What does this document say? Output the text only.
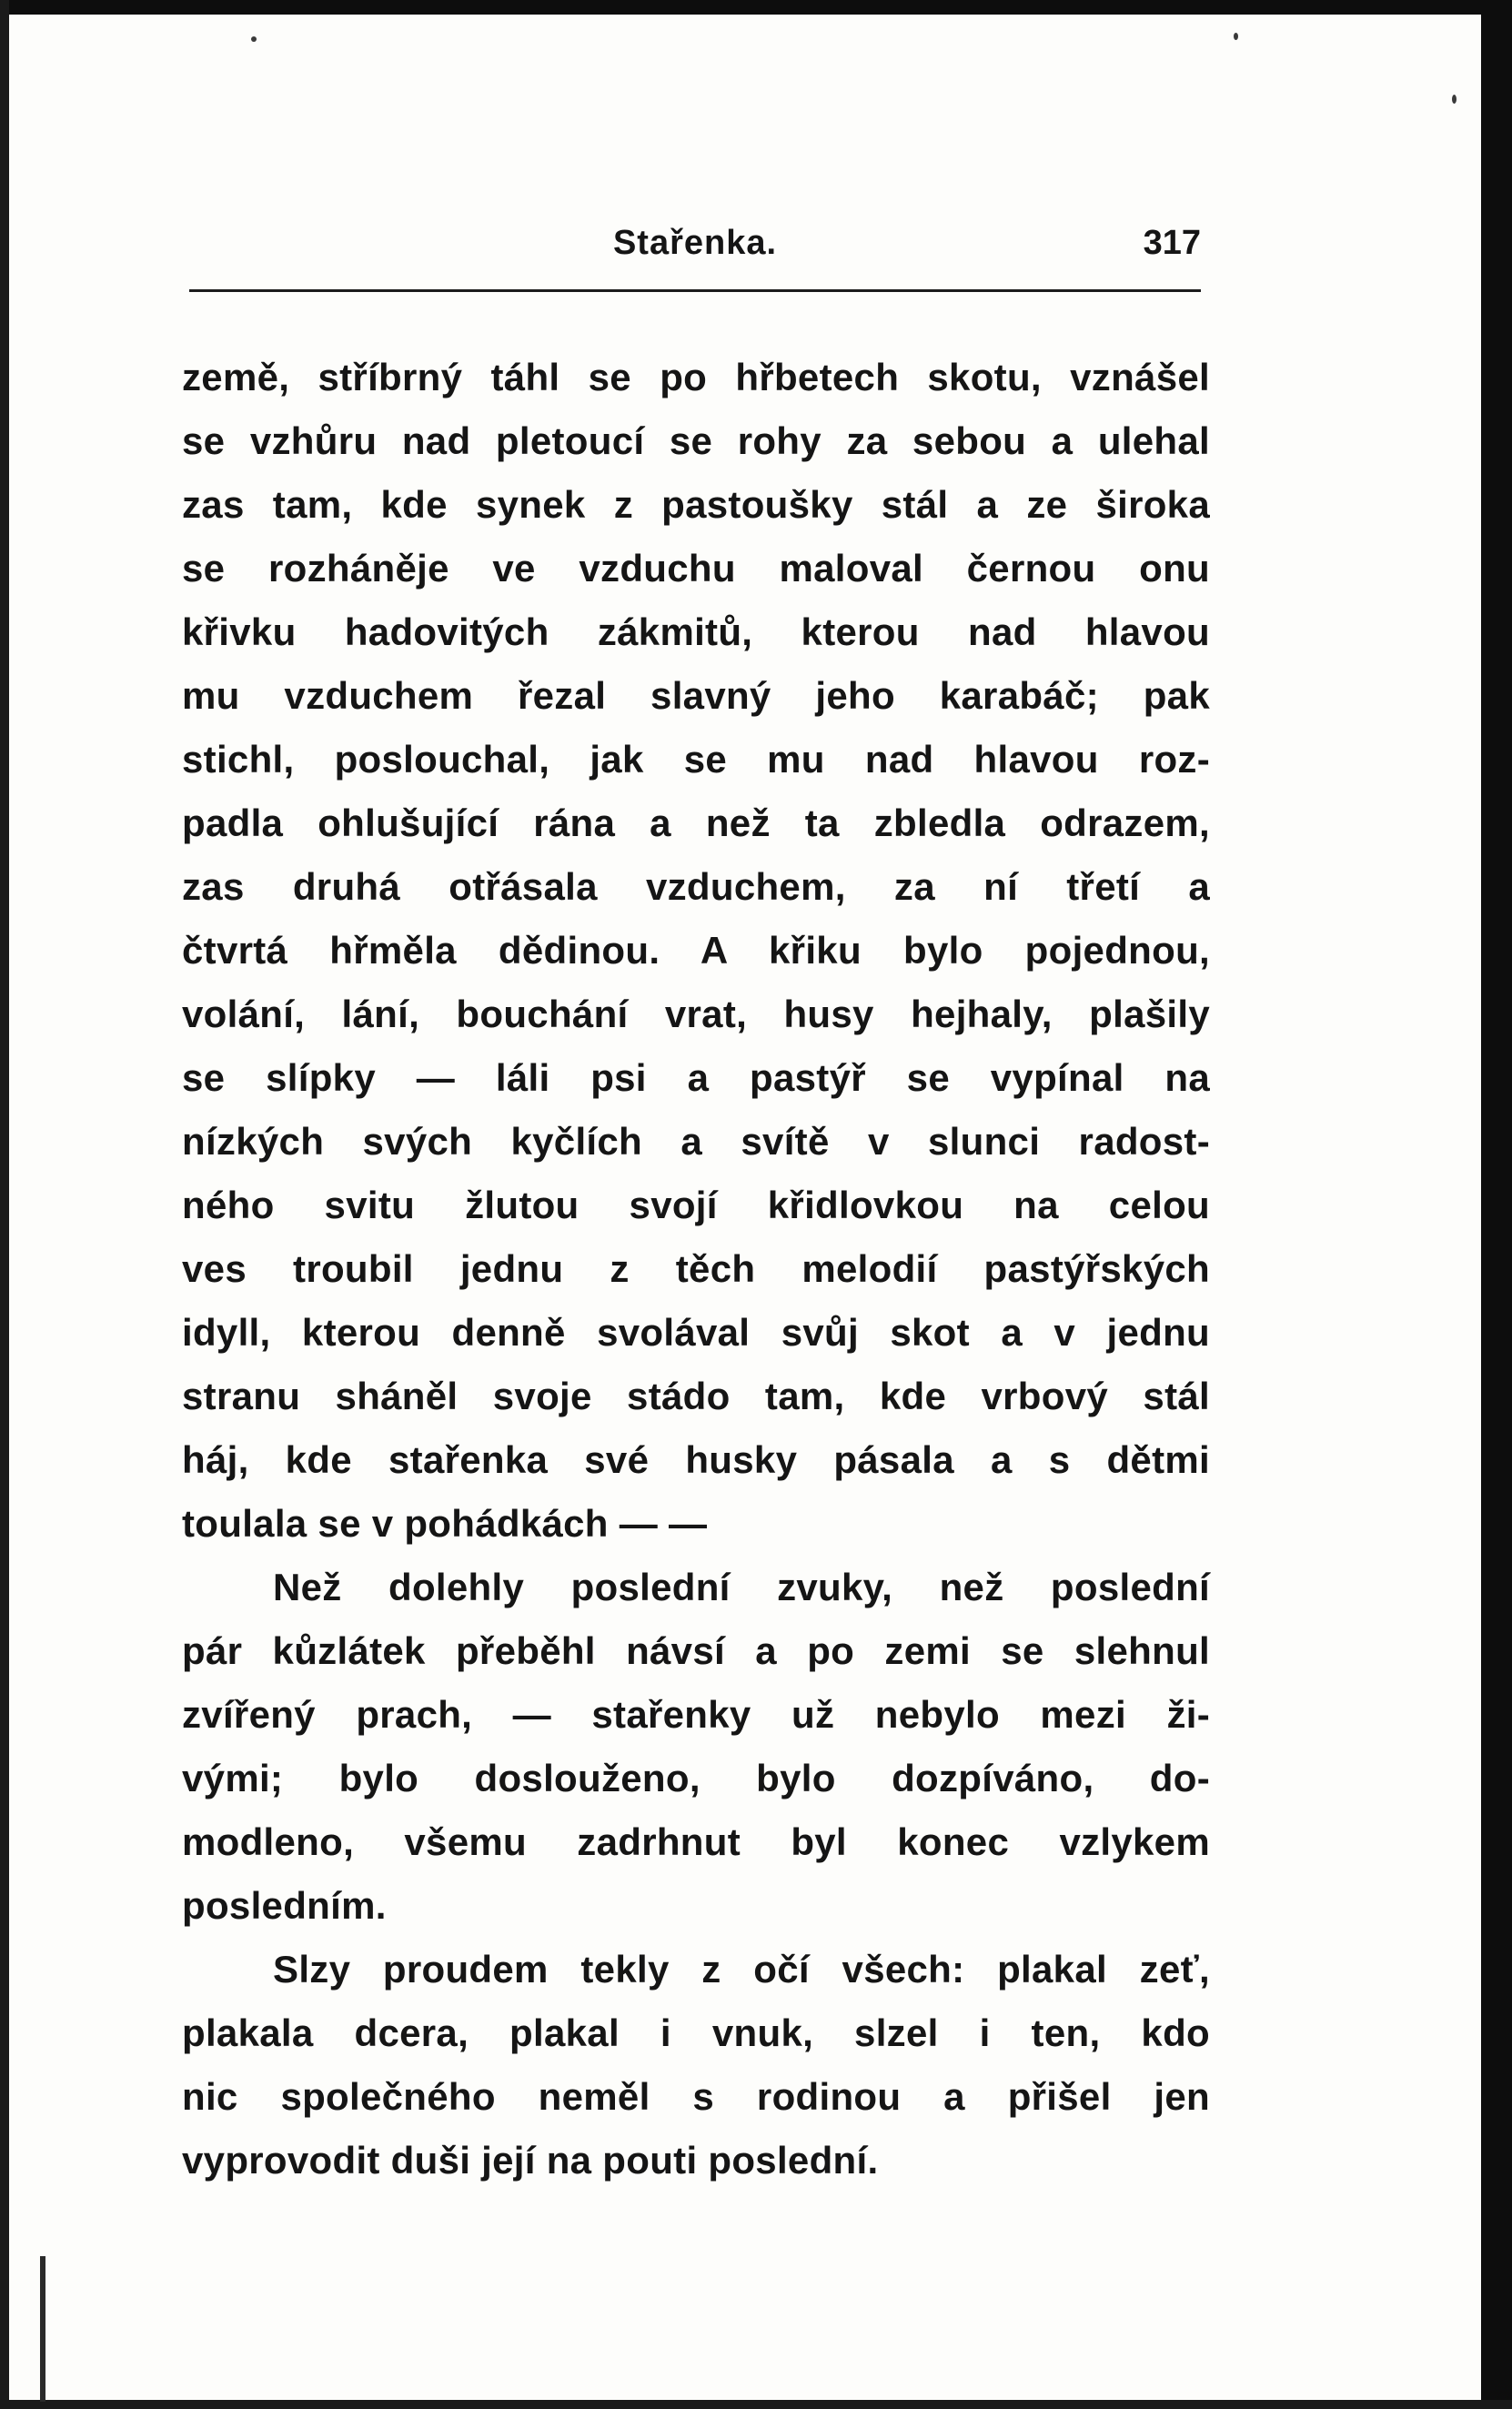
Stařenka.	317
země, stříbrný táhl se po hřbetech skotu, vznášel
se vzhůru nad pletoucí se rohy za sebou a ulehal
zas tam, kde synek z pastoušky stál a ze široka
se rozháněje ve vzduchu maloval černou onu
křivku hadovitých zákmitů, kterou nad hlavou
mu vzduchem řezal slavný jeho karabáč; pak
stichl, poslouchal, jak se mu nad hlavou roz-
padla ohlušující rána a než ta zbledla odrazem,
zas druhá otřásala vzduchem, za ní třetí a
čtvrtá hřměla dědinou. A křiku bylo pojednou,
volání, lání, bouchání vrat, husy hejhaly, plašily
se slípky — láli psi a pastýř se vypínal na
nízkých svých kyčlích a svítě v slunci radost-
ného svitu žlutou svojí křidlovkou na celou
ves troubil jednu z těch melodií pastýřských
idyll, kterou denně svolával svůj skot a v jednu
stranu sháněl svoje stádo tam, kde vrbový stál
háj, kde stařenka své husky pásala a s dětmi
toulala se v pohádkách — —
Než dolehly poslední zvuky, než poslední
pár kůzlátek přeběhl návsí a po zemi se slehnul
zvířený prach, — stařenky už nebylo mezi ži-
vými; bylo doslouženo, bylo dozpíváno, do-
modleno, všemu zadrhnut byl konec vzlykem
posledním.
Slzy proudem tekly z očí všech: plakal zeť,
plakala dcera, plakal i vnuk, slzel i ten, kdo
nic společného neměl s rodinou a přišel jen
vyprovodit duši její na pouti poslední.
